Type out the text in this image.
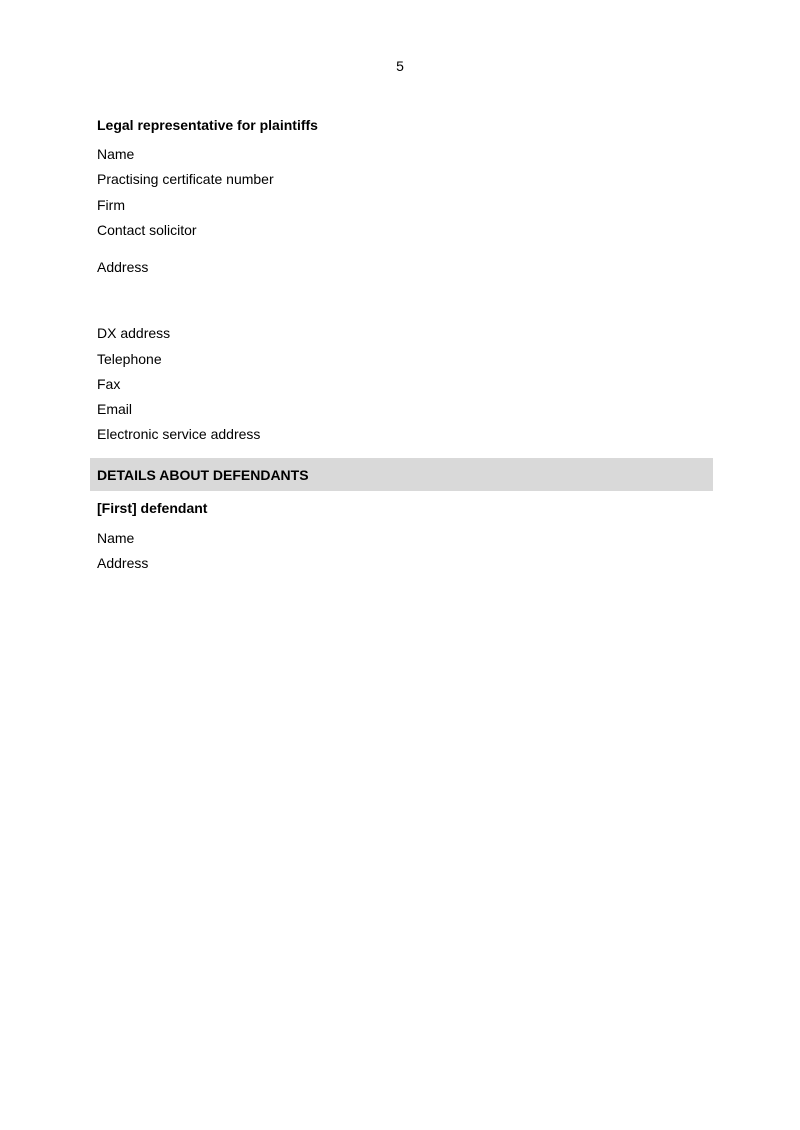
5
Legal representative for plaintiffs
Name
Practising certificate number
Firm
Contact solicitor
Address
DX address
Telephone
Fax
Email
Electronic service address
DETAILS ABOUT DEFENDANTS
[First] defendant
Name
Address
